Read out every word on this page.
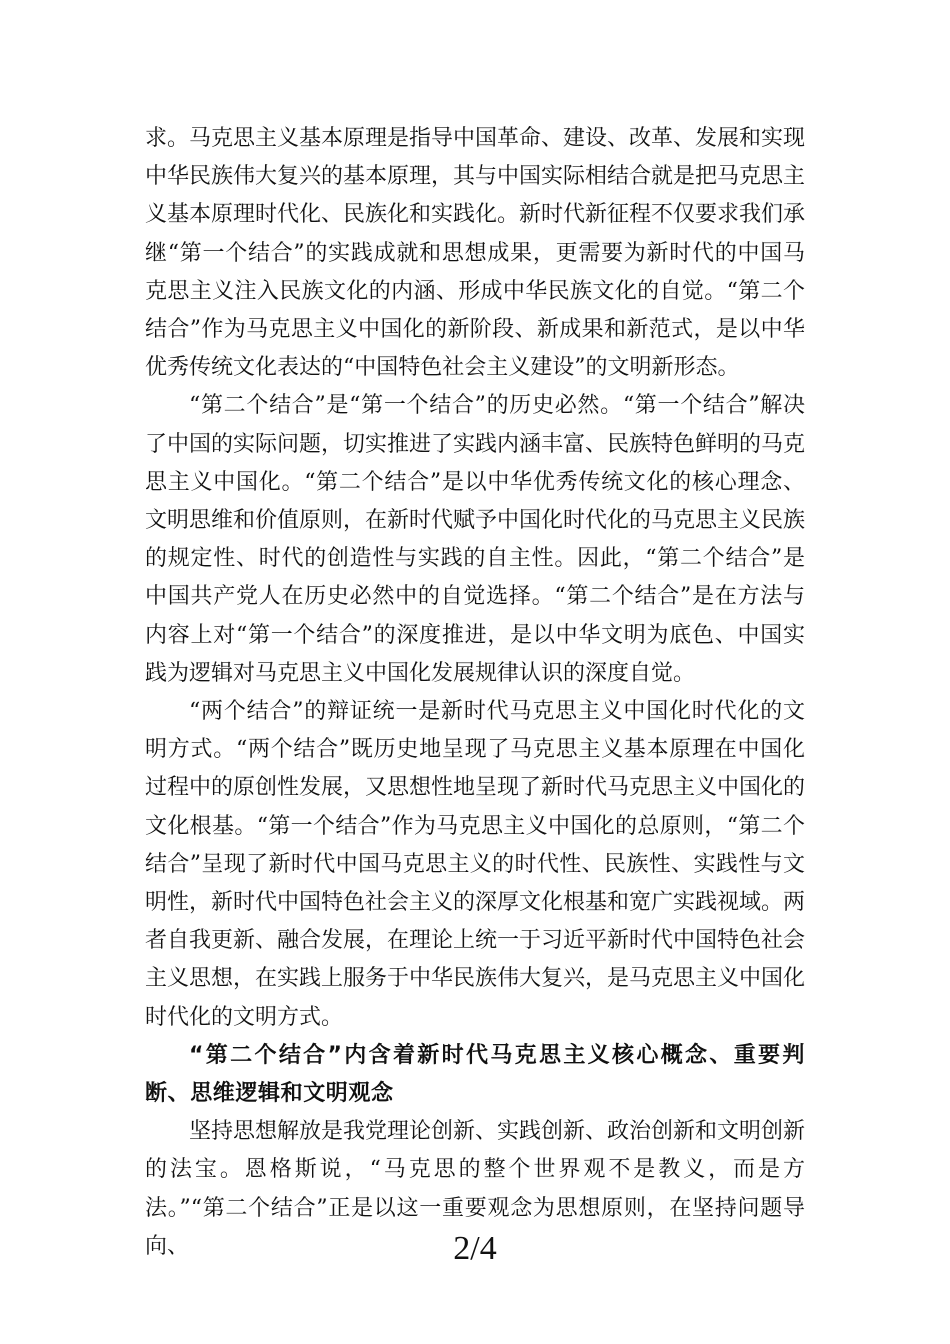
求。马克思主义基本原理是指导中国革命、建设、改革、发展和实现中华民族伟大复兴的基本原理，其与中国实际相结合就是把马克思主义基本原理时代化、民族化和实践化。新时代新征程不仅要求我们承继“第一个结合”的实践成就和思想成果，更需要为新时代的中国马克思主义注入民族文化的内涵、形成中华民族文化的自觉。“第二个结合”作为马克思主义中国化的新阶段、新成果和新范式，是以中华优秀传统文化表达的“中国特色社会主义建设”的文明新形态。

“第二个结合”是“第一个结合”的历史必然。“第一个结合”解决了中国的实际问题，切实推进了实践内涵丰富、民族特色鲜明的马克思主义中国化。“第二个结合”是以中华优秀传统文化的核心理念、文明思维和价值原则，在新时代赋予中国化时代化的马克思主义民族的规定性、时代的创造性与实践的自主性。因此，“第二个结合”是中国共产党人在历史必然中的自觉选择。“第二个结合”是在方法与内容上对“第一个结合”的深度推进，是以中华文明为底色、中国实践为逻辑对马克思主义中国化发展规律认识的深度自觉。

“两个结合”的辩证统一是新时代马克思主义中国化时代化的文明方式。“两个结合”既历史地呈现了马克思主义基本原理在中国化过程中的原创性发展，又思想性地呈现了新时代马克思主义中国化的文化根基。“第一个结合”作为马克思主义中国化的总原则，“第二个结合”呈现了新时代中国马克思主义的时代性、民族性、实践性与文明性，新时代中国特色社会主义的深厚文化根基和宽广实践视域。两者自我更新、融合发展，在理论上统一于习近平新时代中国特色社会主义思想，在实践上服务于中华民族伟大复兴，是马克思主义中国化时代化的文明方式。

“第二个结合”内含着新时代马克思主义核心概念、重要判断、思维逻辑和文明观念

坚持思想解放是我党理论创新、实践创新、政治创新和文明创新的法宝。恩格斯说，“马克思的整个世界观不是教义，而是方法。”“第二个结合”正是以这一重要观念为思想原则，在坚持问题导向、	2/4
